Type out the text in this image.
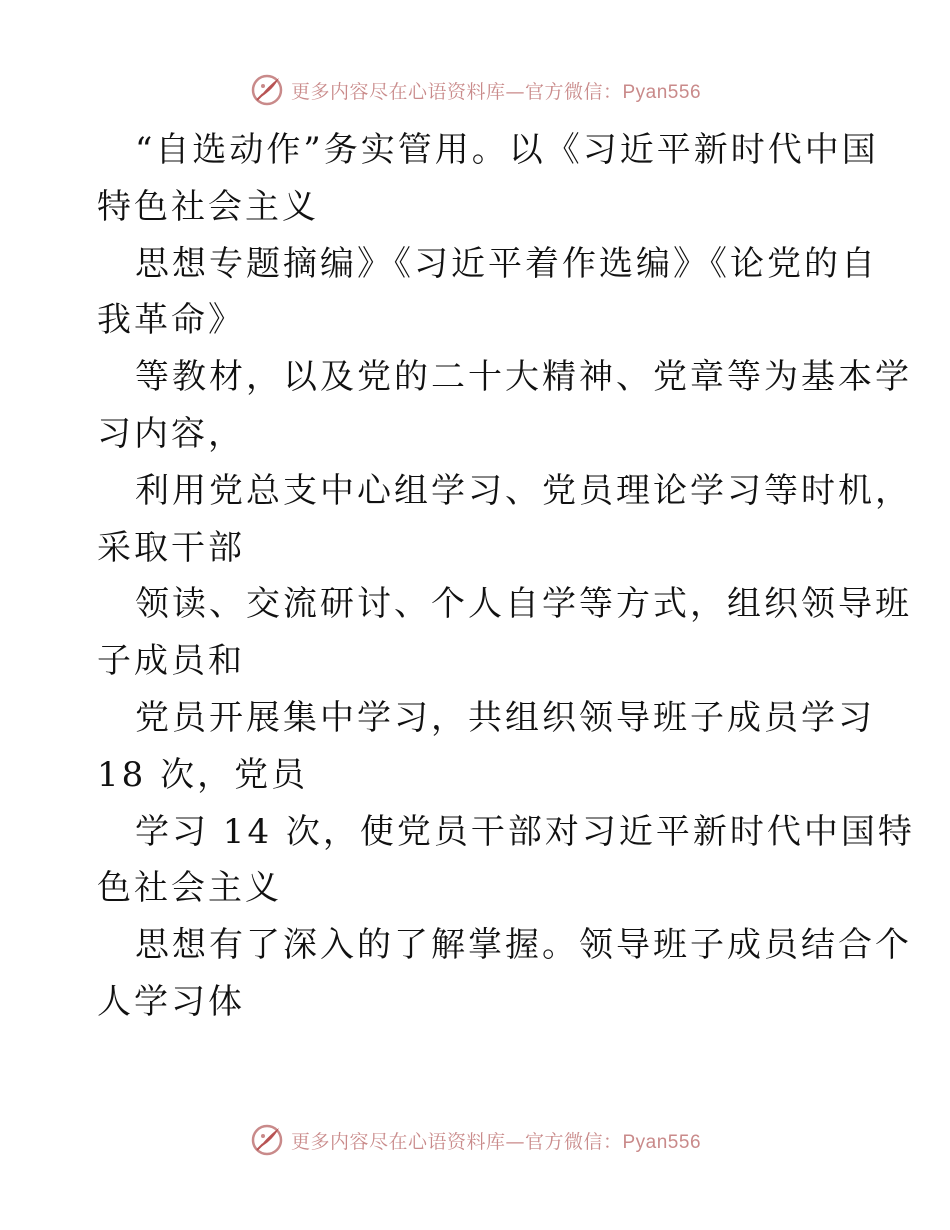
更多内容尽在心语资料库—官方微信：Pyan556
“自选动作”务实管用。以《习近平新时代中国
特色社会主义
思想专题摘编》《习近平着作选编》《论党的自
我革命》
等教材，以及党的二十大精神、党章等为基本学
习内容，
利用党总支中心组学习、党员理论学习等时机，
采取干部
领读、交流研讨、个人自学等方式，组织领导班
子成员和
党员开展集中学习，共组织领导班子成员学习
18 次，党员
学习 14 次，使党员干部对习近平新时代中国特
色社会主义
思想有了深入的了解掌握。领导班子成员结合个
人学习体
更多内容尽在心语资料库—官方微信：Pyan556
